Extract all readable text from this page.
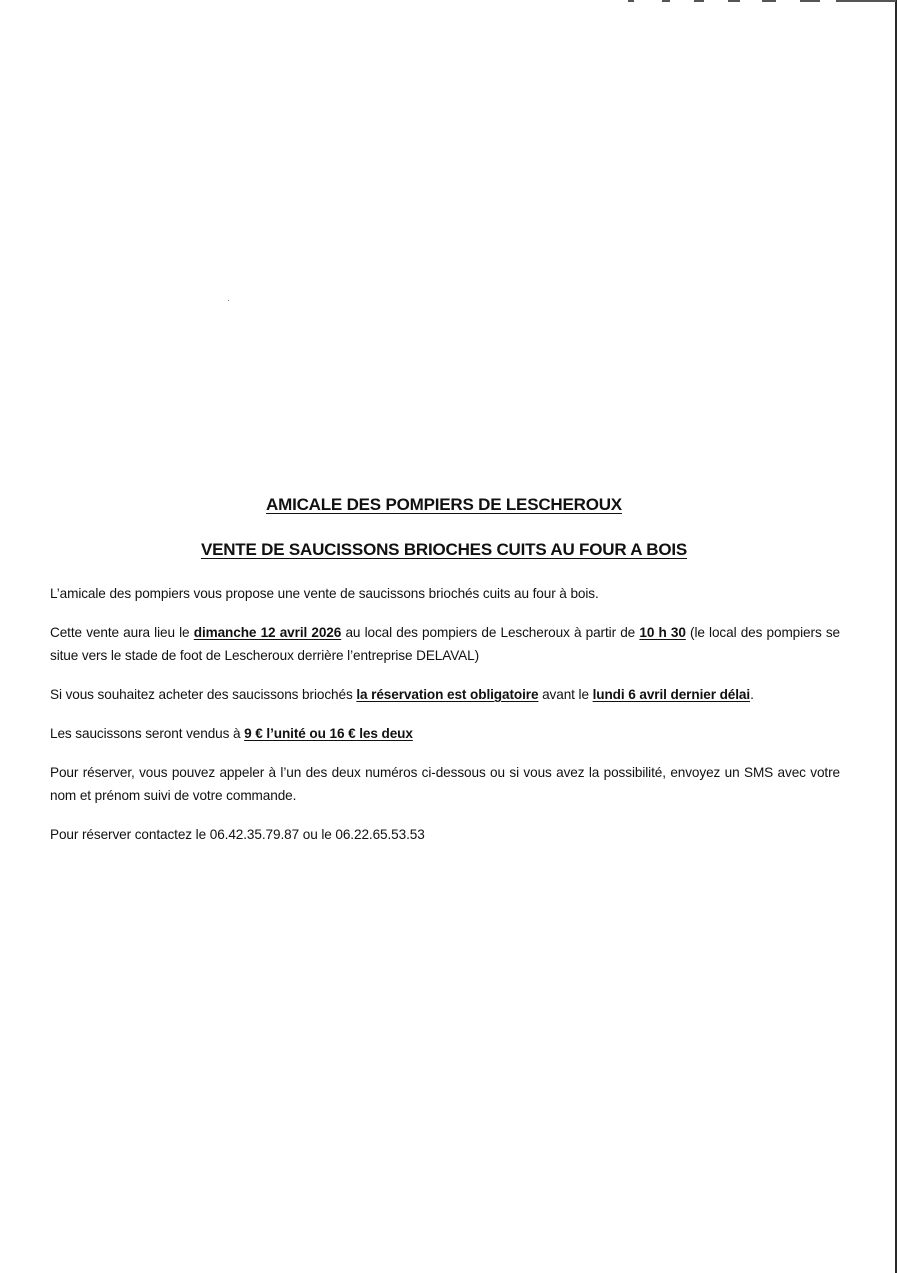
AMICALE DES POMPIERS DE LESCHEROUX
VENTE DE SAUCISSONS BRIOCHES CUITS AU FOUR A BOIS
L’amicale des pompiers vous propose une vente de saucissons briochés cuits au four à bois.
Cette vente aura lieu le dimanche 12 avril 2026 au local des pompiers de Lescheroux à partir de 10 h 30 (le local des pompiers se situe vers le stade de foot de Lescheroux derrière l’entreprise DELAVAL)
Si vous souhaitez acheter des saucissons briochés la réservation est obligatoire avant le lundi 6 avril dernier délai.
Les saucissons seront vendus à 9 € l’unité ou 16 € les deux
Pour réserver, vous pouvez appeler à l’un des deux numéros ci-dessous ou si vous avez la possibilité, envoyez un SMS avec votre nom et prénom suivi de votre commande.
Pour réserver contactez le 06.42.35.79.87 ou le 06.22.65.53.53
